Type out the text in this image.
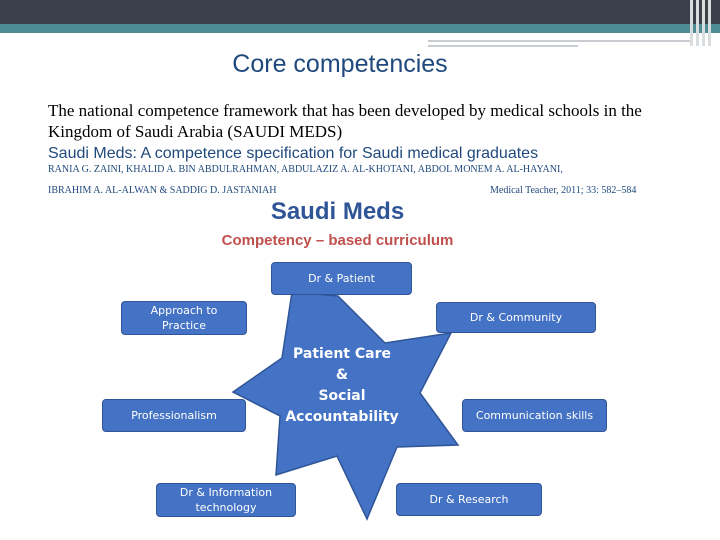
Core competencies
The national competence framework that has been developed by medical schools in the Kingdom of Saudi Arabia (SAUDI MEDS)
Saudi Meds: A competence specification for Saudi medical graduates
RANIA G. ZAINI, KHALID A. BIN ABDULRAHMAN, ABDULAZIZ A. AL-KHOTANI, ABDOL MONEM A. AL-HAYANI,
IBRAHIM A. AL-ALWAN & SADDIG D. JASTANIAH	Medical Teacher, 2011; 33: 582–584
Saudi Meds
Competency – based curriculum
Patient Care
&
Social
Accountability
Dr & Patient
Approach to
Practice
Dr & Community
Professionalism	Communication skills
Dr & Information
technology
Dr & Research
